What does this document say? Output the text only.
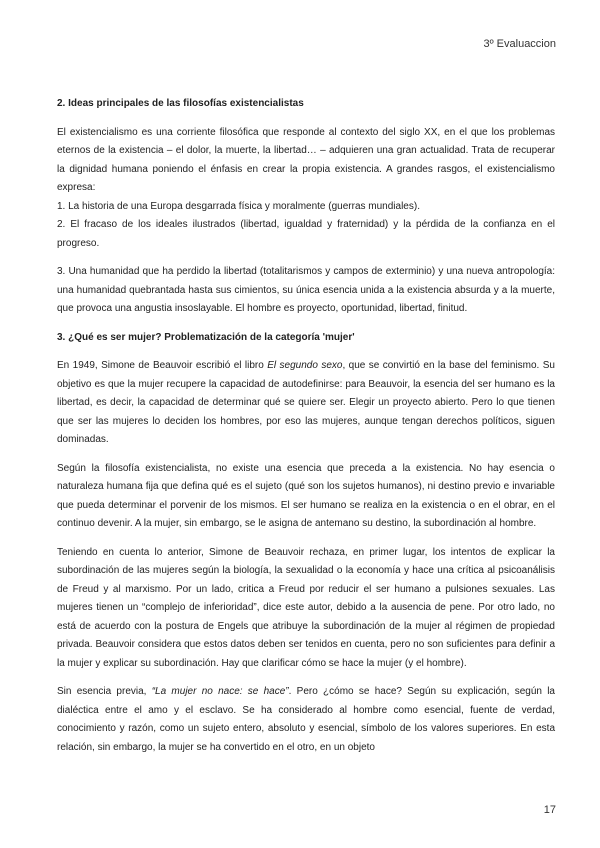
3º Evaluaccion
2. Ideas principales de las filosofías existencialistas
El existencialismo es una corriente filosófica que responde al contexto del siglo XX, en el que los problemas eternos de la existencia – el dolor, la muerte, la libertad… – adquieren una gran actualidad. Trata de recuperar la dignidad humana poniendo el énfasis en crear la propia existencia. A grandes rasgos, el existencialismo expresa:
1. La historia de una Europa desgarrada física y moralmente (guerras mundiales).
2. El fracaso de los ideales ilustrados (libertad, igualdad y fraternidad) y la pérdida de la confianza en el progreso.
3. Una humanidad que ha perdido la libertad (totalitarismos y campos de exterminio) y una nueva antropología: una humanidad quebrantada hasta sus cimientos, su única esencia unida a la existencia absurda y a la muerte, que provoca una angustia insoslayable. El hombre es proyecto, oportunidad, libertad, finitud.
3. ¿Qué es ser mujer? Problematización de la categoría 'mujer'
En 1949, Simone de Beauvoir escribió el libro El segundo sexo, que se convirtió en la base del feminismo. Su objetivo es que la mujer recupere la capacidad de autodefinirse: para Beauvoir, la esencia del ser humano es la libertad, es decir, la capacidad de determinar qué se quiere ser. Elegir un proyecto abierto. Pero lo que tienen que ser las mujeres lo deciden los hombres, por eso las mujeres, aunque tengan derechos políticos, siguen dominadas.
Según la filosofía existencialista, no existe una esencia que preceda a la existencia. No hay esencia o naturaleza humana fija que defina qué es el sujeto (qué son los sujetos humanos), ni destino previo e invariable que pueda determinar el porvenir de los mismos. El ser humano se realiza en la existencia o en el obrar, en el continuo devenir. A la mujer, sin embargo, se le asigna de antemano su destino, la subordinación al hombre.
Teniendo en cuenta lo anterior, Simone de Beauvoir rechaza, en primer lugar, los intentos de explicar la subordinación de las mujeres según la biología, la sexualidad o la economía y hace una crítica al psicoanálisis de Freud y al marxismo. Por un lado, critica a Freud por reducir el ser humano a pulsiones sexuales. Las mujeres tienen un “complejo de inferioridad”, dice este autor, debido a la ausencia de pene. Por otro lado, no está de acuerdo con la postura de Engels que atribuye la subordinación de la mujer al régimen de propiedad privada. Beauvoir considera que estos datos deben ser tenidos en cuenta, pero no son suficientes para definir a la mujer y explicar su subordinación. Hay que clarificar cómo se hace la mujer (y el hombre).
Sin esencia previa, “La mujer no nace: se hace”. Pero ¿cómo se hace? Según su explicación, según la dialéctica entre el amo y el esclavo. Se ha considerado al hombre como esencial, fuente de verdad, conocimiento y razón, como un sujeto entero, absoluto y esencial, símbolo de los valores superiores. En esta relación, sin embargo, la mujer se ha convertido en el otro, en un objeto
17
